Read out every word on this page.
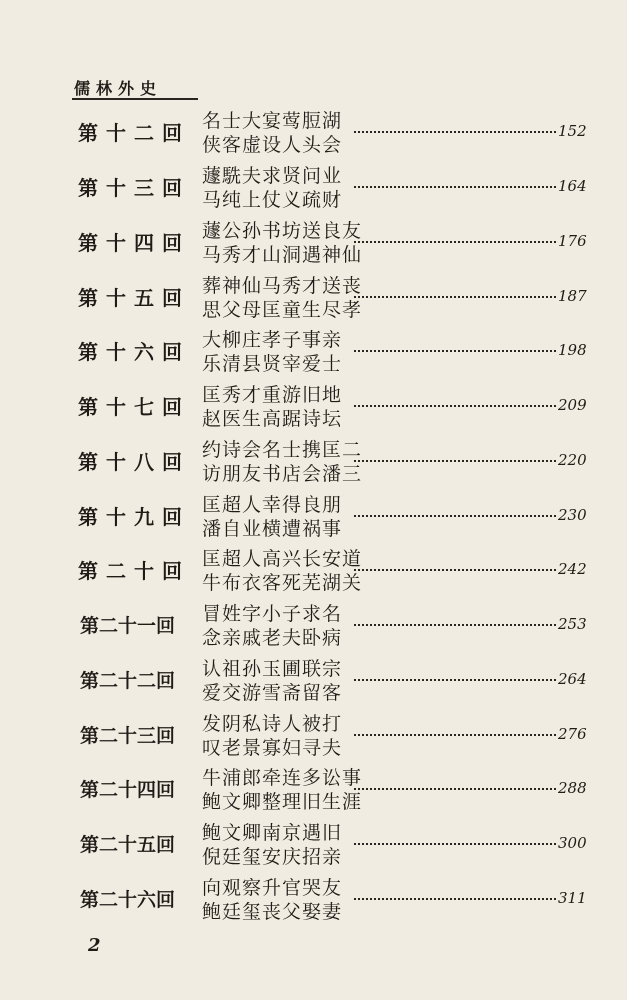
儒林外史
第十二回 名士大宴莺脰湖
侠客虚设人头会
152
第十三回 蘧駪夫求贤问业
马纯上仗义疏财
164
第十四回 蘧公孙书坊送良友
马秀才山洞遇神仙
176
第十五回 葬神仙马秀才送丧
思父母匡童生尽孝
187
第十六回 大柳庄孝子事亲
乐清县贤宰爱士
198
第十七回 匡秀才重游旧地
赵医生高踞诗坛
209
第十八回 约诗会名士携匡二
访朋友书店会潘三
220
第十九回 匡超人幸得良朋
潘自业横遭祸事
230
第二十回 匡超人高兴长安道
牛布衣客死芜湖关
242
第二十一回
冒姓字小子求名
念亲戚老夫卧病
253
第二十二回
认祖孙玉圃联宗
爱交游雪斋留客
264
第二十三回
发阴私诗人被打
叹老景寡妇寻夫
276
第二十四回
牛浦郎牵连多讼事
鲍文卿整理旧生涯
288
第二十五回
鲍文卿南京遇旧
倪廷玺安庆招亲
300
第二十六回
向观察升官哭友
鲍廷玺丧父娶妻
311
2
